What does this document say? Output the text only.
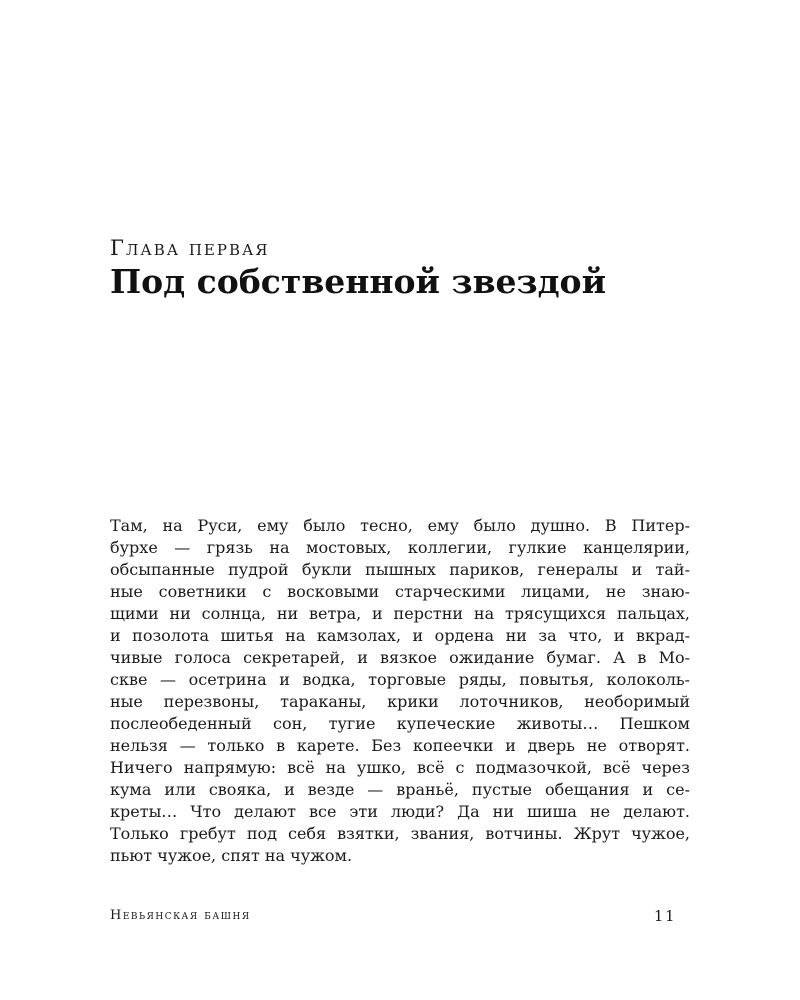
Глава первая
Под собственной звездой
Там, на Руси, ему было тесно, ему было душно. В Питер-
бурхе — грязь на мостовых, коллегии, гулкие канцелярии,
обсыпанные пудрой букли пышных париков, генералы и тай-
ные советники с восковыми старческими лицами, не знаю-
щими ни солнца, ни ветра, и перстни на трясущихся пальцах,
и позолота шитья на камзолах, и ордена ни за что, и вкрад-
чивые голоса секретарей, и вязкое ожидание бумаг. А в Мо-
скве — осетрина и водка, торговые ряды, повытья, колоколь-
ные перезвоны, тараканы, крики лоточников, необоримый
послеобеденный сон, тугие купеческие животы… Пешком
нельзя — только в карете. Без копеечки и дверь не отворят.
Ничего напрямую: всё на ушко, всё с подмазочкой, всё через
кума или свояка, и везде — враньё, пустые обещания и се-
креты… Что делают все эти люди? Да ни шиша не делают.
Только гребут под себя взятки, звания, вотчины. Жрут чужое,
пьют чужое, спят на чужом.
Невьянская башня	11
